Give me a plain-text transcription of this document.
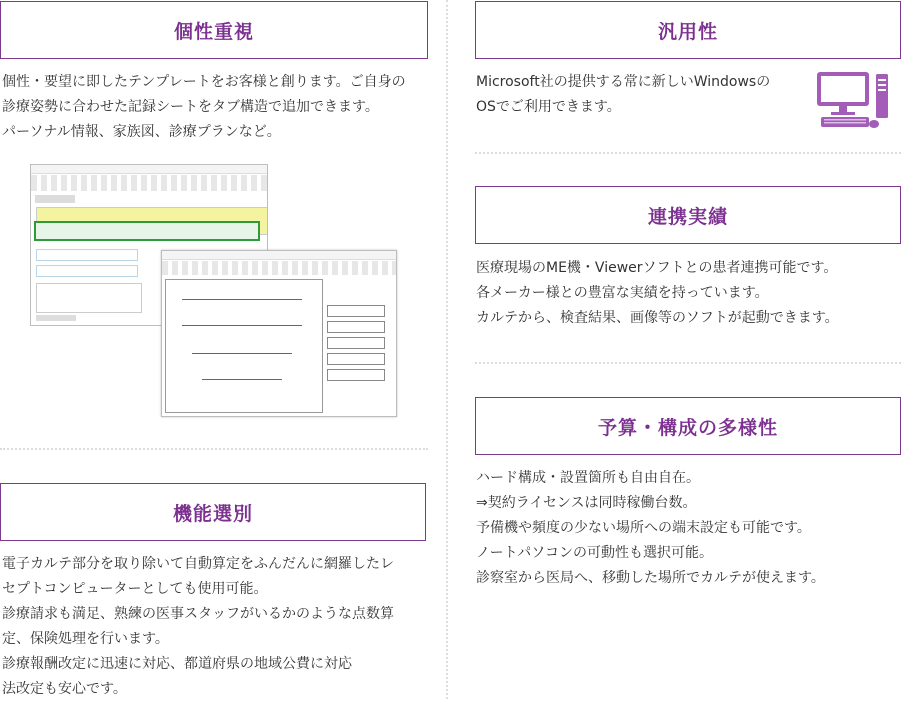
個性重視
個性・要望に即したテンプレートをお客様と創ります。ご自身の
診療姿勢に合わせた記録シートをタブ構造で追加できます。
パーソナル情報、家族図、診療プランなど。
機能選別
電子カルテ部分を取り除いて自動算定をふんだんに網羅したレ
セプトコンピューターとしても使用可能。
診療請求も満足、熟練の医事スタッフがいるかのような点数算
定、保険処理を行います。
診療報酬改定に迅速に対応、都道府県の地域公費に対応
法改定も安心です。
汎用性
Microsoft社の提供する常に新しいWindowsの
OSでご利用できます。
連携実績
医療現場のME機・Viewerソフトとの患者連携可能です。
各メーカー様との豊富な実績を持っています。
カルテから、検査結果、画像等のソフトが起動できます。
予算・構成の多様性
ハード構成・設置箇所も自由自在。
⇒契約ライセンスは同時稼働台数。
予備機や頻度の少ない場所への端末設定も可能です。
ノートパソコンの可動性も選択可能。
診察室から医局へ、移動した場所でカルテが使えます。
